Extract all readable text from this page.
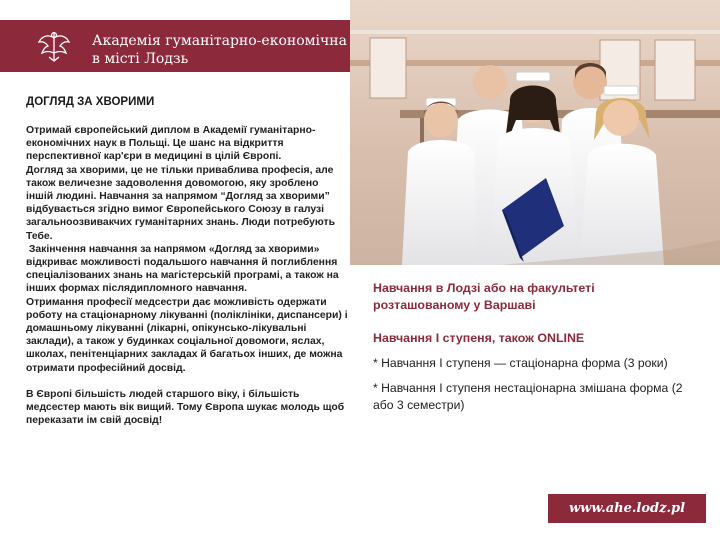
Академія гуманітарно-економічна
в місті Лодзь
ДОГЛЯД ЗА ХВОРИМИ

Отримай європейський диплом в Академії гуманітарно-економічних наук в Польщі. Це шанс на відкриття перспективної кар'єри в медицині в цілій Європі.

Догляд за хворими, це не тільки приваблива професія, але також величезне задоволення довомогою, яку зроблено іншій людині. Навчання за напрямом “Догляд за хворими” відбувається згідно вимог Європейського Союзу в галузі загальноозвивакчих гуманітарних знань. Люди потребують Тебе.

Закінчення навчання за напрямом «Догляд за хворими» відкриває можливості подальшого навчання й поглиблення спеціалізованих знань на магістерській програмі, а також на інших формах післядипломного навчання.

Отримання професії медсестри дає можливість одержати роботу на стаціонарному лікуванні (поліклініки, диспансери) і домашньому лікуванні (лікарні, опікунсько-лікувальні заклади), а також у будинках соціальної довомоги, яслах, школах, пенітенціарних закладах й багатьох інших, де можна отримати професійний досвід.

В Європі більшість людей старшого віку, і більшість медсестер мають вік вищий. Тому Європа шукає молодь щоб переказати ім свій досвід!

Навчання в Лодзі або на факультеті розташованому у Варшаві

Навчання I ступеня, також ONLINE

* Навчання I ступеня — стаціонарна форма (3 роки)

* Навчання I ступеня нестаціонарна змішана форма (2 або 3 семестри)

www.ahe.lodz.pl
